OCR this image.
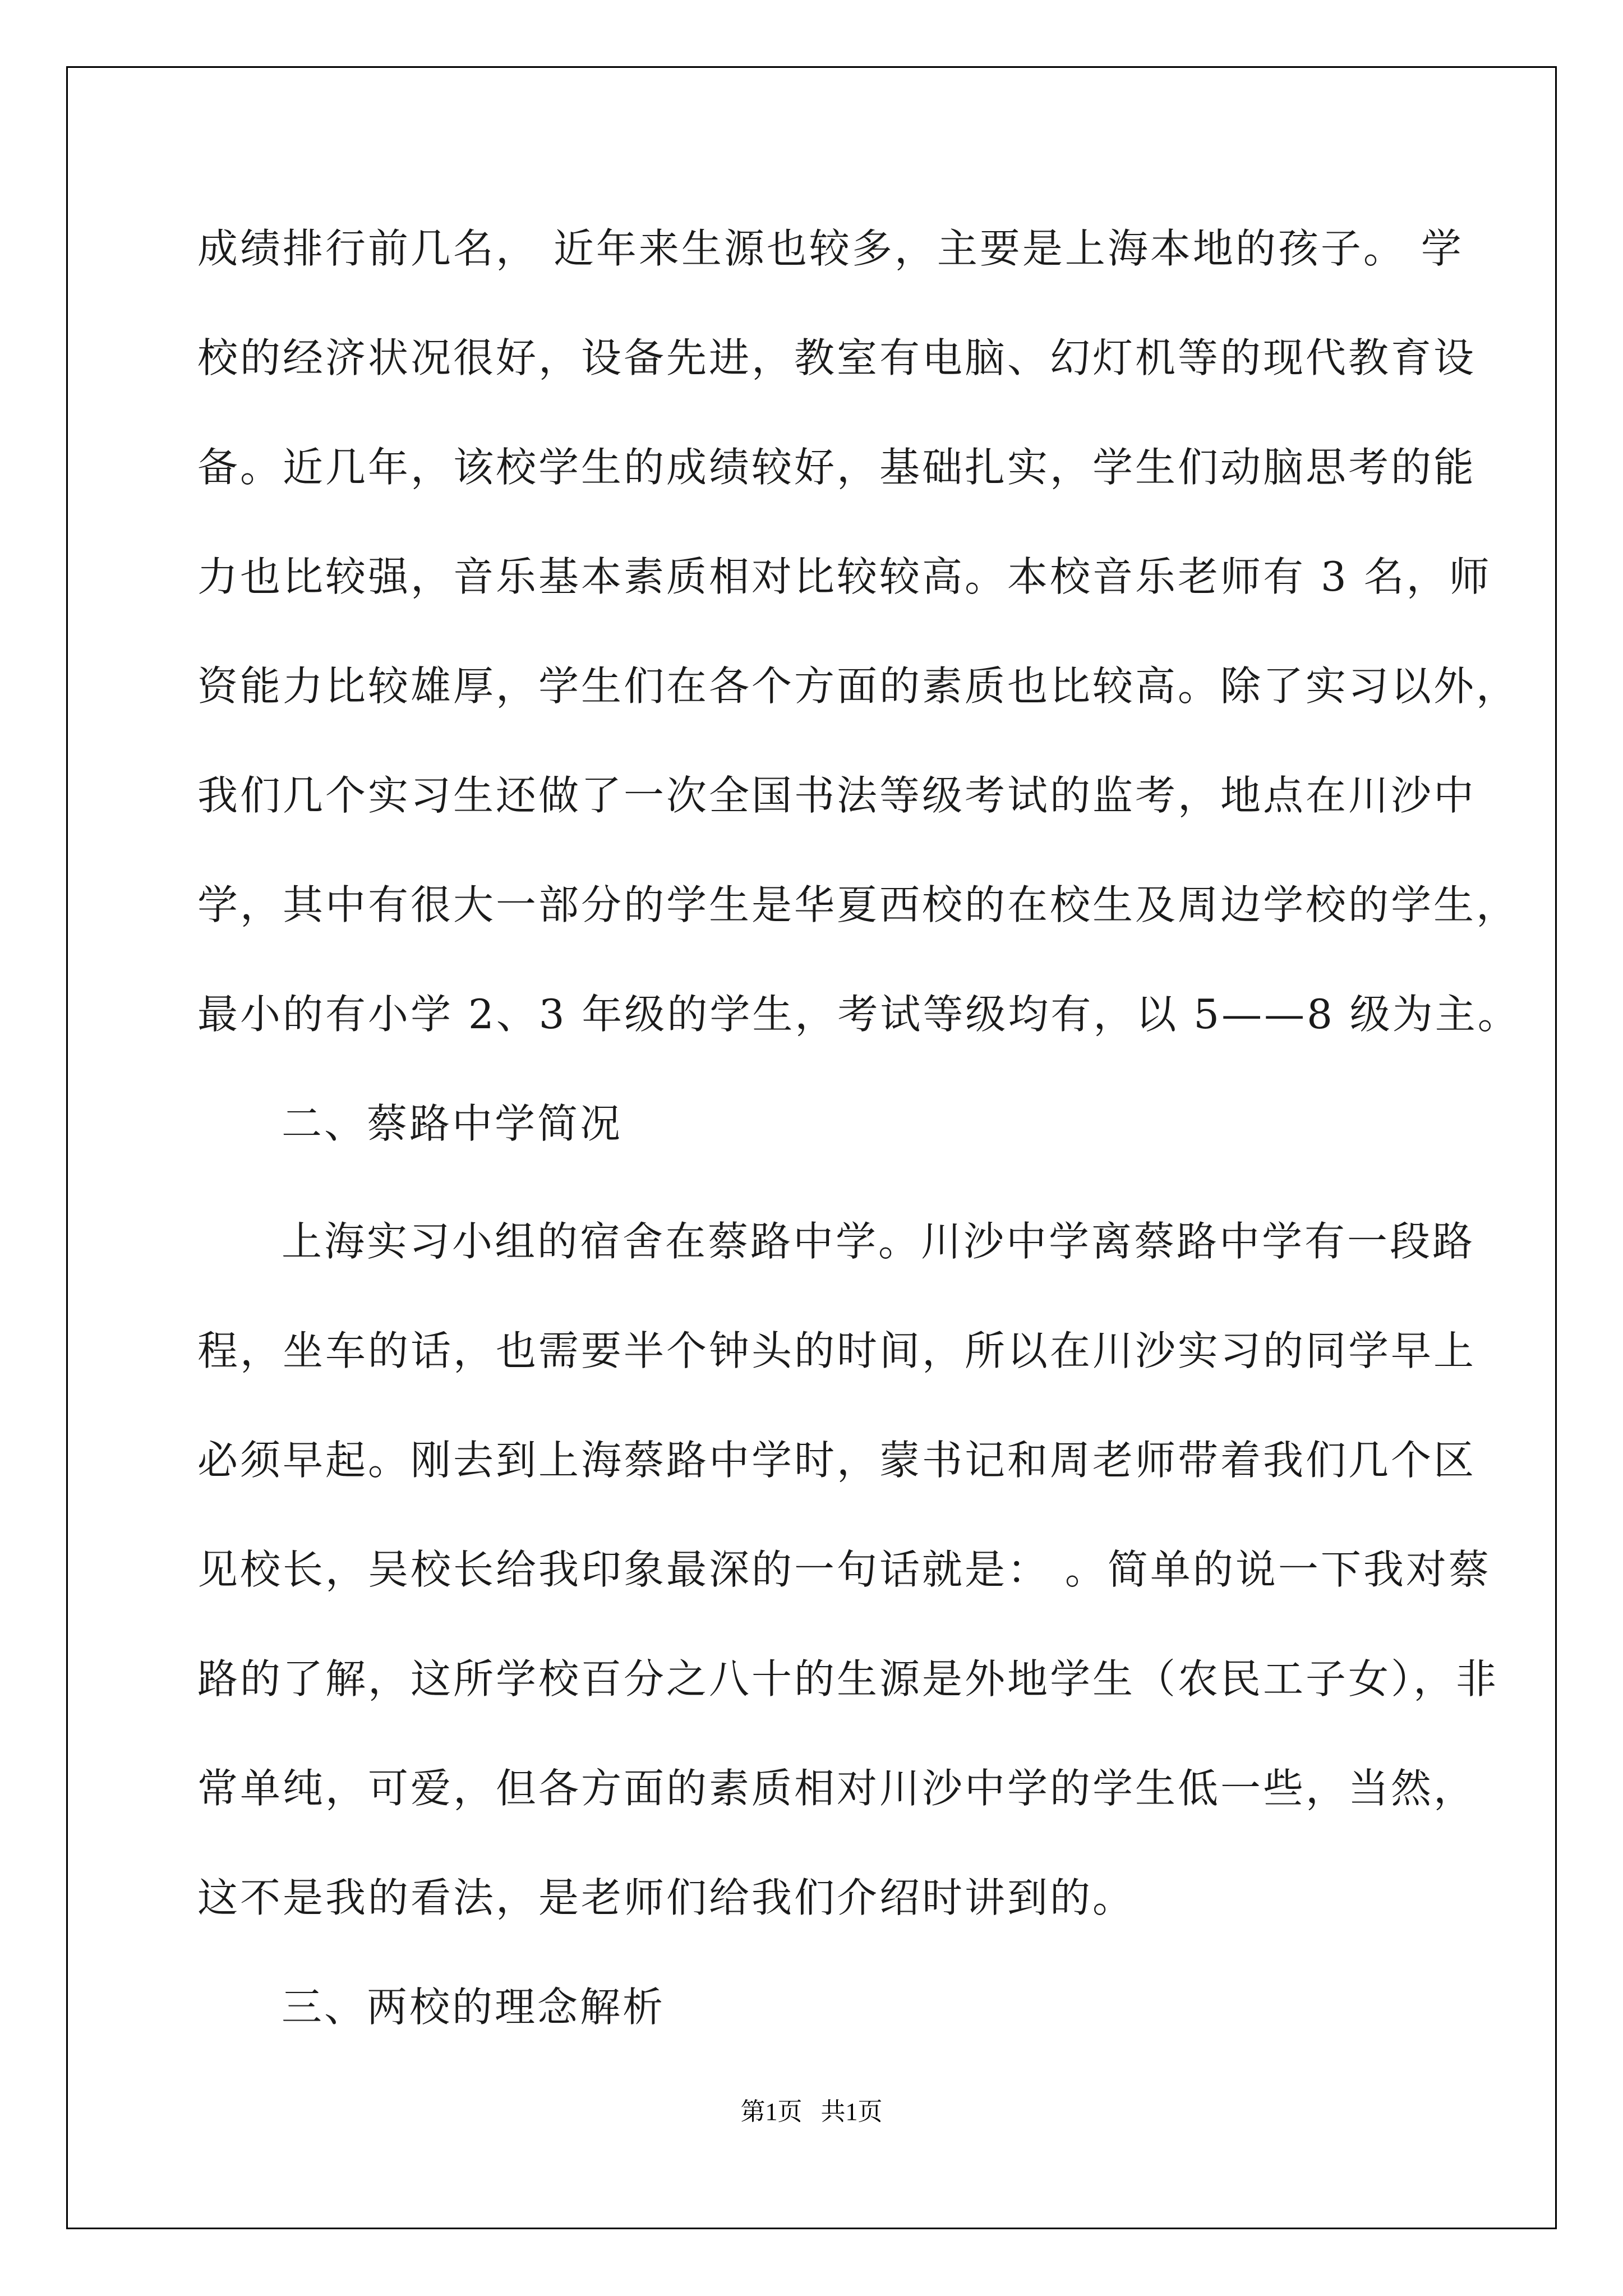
成绩排行前几名， 近年来生源也较多，主要是上海本地的孩子。 学
校的经济状况很好，设备先进，教室有电脑、幻灯机等的现代教育设
备。近几年，该校学生的成绩较好，基础扎实，学生们动脑思考的能
力也比较强，音乐基本素质相对比较较高。本校音乐老师有 3 名，师
资能力比较雄厚，学生们在各个方面的素质也比较高。除了实习以外，
我们几个实习生还做了一次全国书法等级考试的监考，地点在川沙中
学，其中有很大一部分的学生是华夏西校的在校生及周边学校的学生，
最小的有小学 2、3 年级的学生，考试等级均有，以 5——8 级为主。
二、蔡路中学简况
上海实习小组的宿舍在蔡路中学。川沙中学离蔡路中学有一段路
程，坐车的话，也需要半个钟头的时间，所以在川沙实习的同学早上
必须早起。刚去到上海蔡路中学时，蒙书记和周老师带着我们几个区
见校长，吴校长给我印象最深的一句话就是： 。简单的说一下我对蔡
路的了解，这所学校百分之八十的生源是外地学生（农民工子女），非
常单纯，可爱，但各方面的素质相对川沙中学的学生低一些，当然，
这不是我的看法，是老师们给我们介绍时讲到的。
三、两校的理念解析
第1页   共1页
